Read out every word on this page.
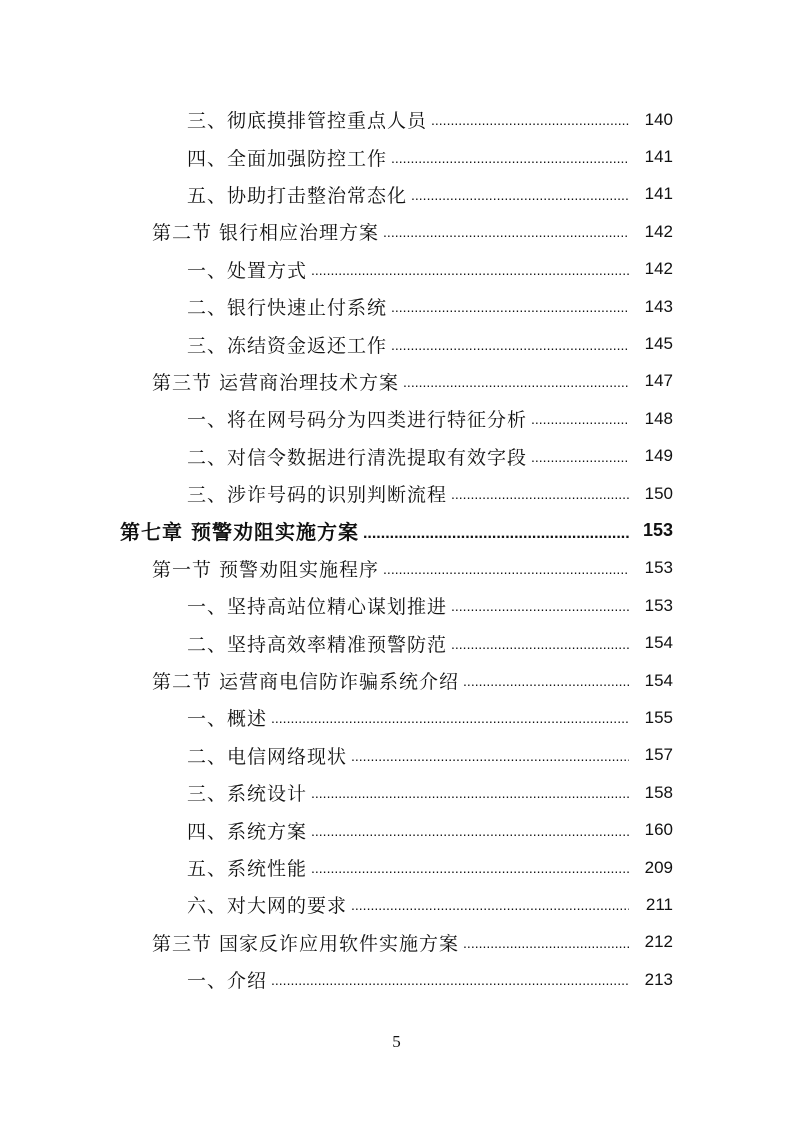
三、彻底摸排管控重点人员 .....	140
四、全面加强防控工作 .....	141
五、协助打击整治常态化 .....	141
第二节 银行相应治理方案 .....	142
一、处置方式 .....	142
二、银行快速止付系统 .....	143
三、冻结资金返还工作 .....	145
第三节 运营商治理技术方案 .....	147
一、将在网号码分为四类进行特征分析 .....	148
二、对信令数据进行清洗提取有效字段 .....	149
三、涉诈号码的识别判断流程 .....	150
第七章 预警劝阻实施方案 .....	153
第一节 预警劝阻实施程序 .....	153
一、坚持高站位精心谋划推进 .....	153
二、坚持高效率精准预警防范 .....	154
第二节 运营商电信防诈骗系统介绍 .....	154
一、概述 .....	155
二、电信网络现状 .....	157
三、系统设计 .....	158
四、系统方案 .....	160
五、系统性能 .....	209
六、对大网的要求 .....	211
第三节 国家反诈应用软件实施方案 .....	212
一、介绍 .....	213
5
